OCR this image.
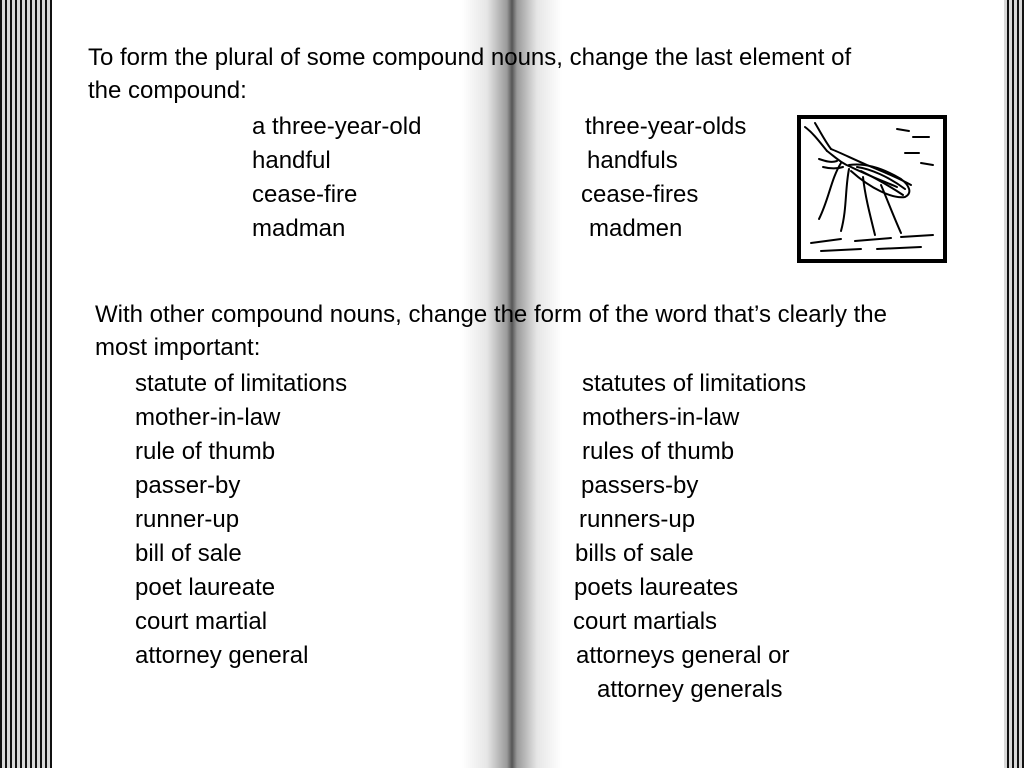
To form the plural of some compound nouns, change the last element of the compound:
a three-year-old	three-year-olds
handful	handfuls
cease-fire	cease-fires
madman	madmen
With other compound nouns, change the form of the word that’s clearly the most important:
statute of limitations	statutes of limitations
mother-in-law	mothers-in-law
rule of thumb	rules of thumb
passer-by	passers-by
runner-up	runners-up
bill of sale	bills of sale
poet laureate	poets laureates
court martial	court martials
attorney general	attorneys general or
attorney generals
